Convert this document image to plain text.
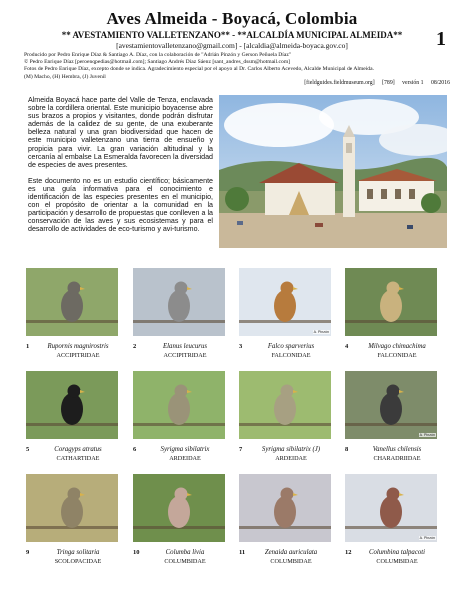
Aves Almeida - Boyacá, Colombia
1
** AVESTAMIENTO VALLETENZANO** - **ALCALDÍA MUNICIPAL ALMEIDA**
[avestamientovalletenzano@gmail.com] - [alcaldia@almeida-boyaca.gov.co]
Producido por Pedro Enrique Díaz & Santiago A. Díaz, con la colaboración de "Adrián Pinzón y Gerson Peñuela Díaz"
© Pedro Enrique Díaz [peroenqpedias@hotmail.com]; Santiago Andrés Díaz Sáenz [sant_andres_dssm@hotmail.com]
Fotos de Pedro Enrique Díaz, excepto donde se indica. Agradecimiento especial por el apoyo al Dr. Carlos Alberto Acevedo, Alcalde Municipal de Almeida.
(M) Macho, (H) Hembra, (J) Juvenil
[fieldguides.fieldmuseum.org] [789] versión 1 08/2016

Almeida Boyacá hace parte del Valle de Tenza, enclavada sobre la cordillera oriental. Este municipio boyacense abre sus brazos a propios y visitantes, donde podrán disfrutar además de la calidez de su gente, de una exuberante belleza natural y una gran biodiversidad que hacen de este municipio valletenzano una tierra de ensueño y propicia para vivir. La gran variación altitudinal y la cercanía al embalse La Esmeralda favorecen la diversidad de especies de aves presentes.

Este documento no es un estudio científico; básicamente es una guía informativa para el conocimiento e identificación de las especies presentes en el municipio, con el propósito de orientar a la comunidad en la participación y desarrollo de propuestas que conlleven a la conservación de las aves y sus ecosistemas y para el desarrollo de actividades de eco-turismo y avi-turismo.

1	Rupornis magnirostris
ACCIPITRIDAE
2	Elanus leucurus
ACCIPITRIDAE
A. Pinzón
3	Falco sparverius
FALCONIDAE
4	Milvago chimachima
FALCONIDAE
5	Coragyps atratus
CATHARTIDAE
6	Syrigma sibilatrix
ARDEIDAE
7	Syrigma sibilatrix (J)
ARDEIDAE
A. Pinzón
8	Vanellus chilensis
CHARADRIIDAE
9	Tringa solitaria
SCOLOPACIDAE
10	Columba livia
COLUMBIDAE
11	Zenaida auriculata
COLUMBIDAE
A. Pinzón
12	Columbina talpacoti
COLUMBIDAE
